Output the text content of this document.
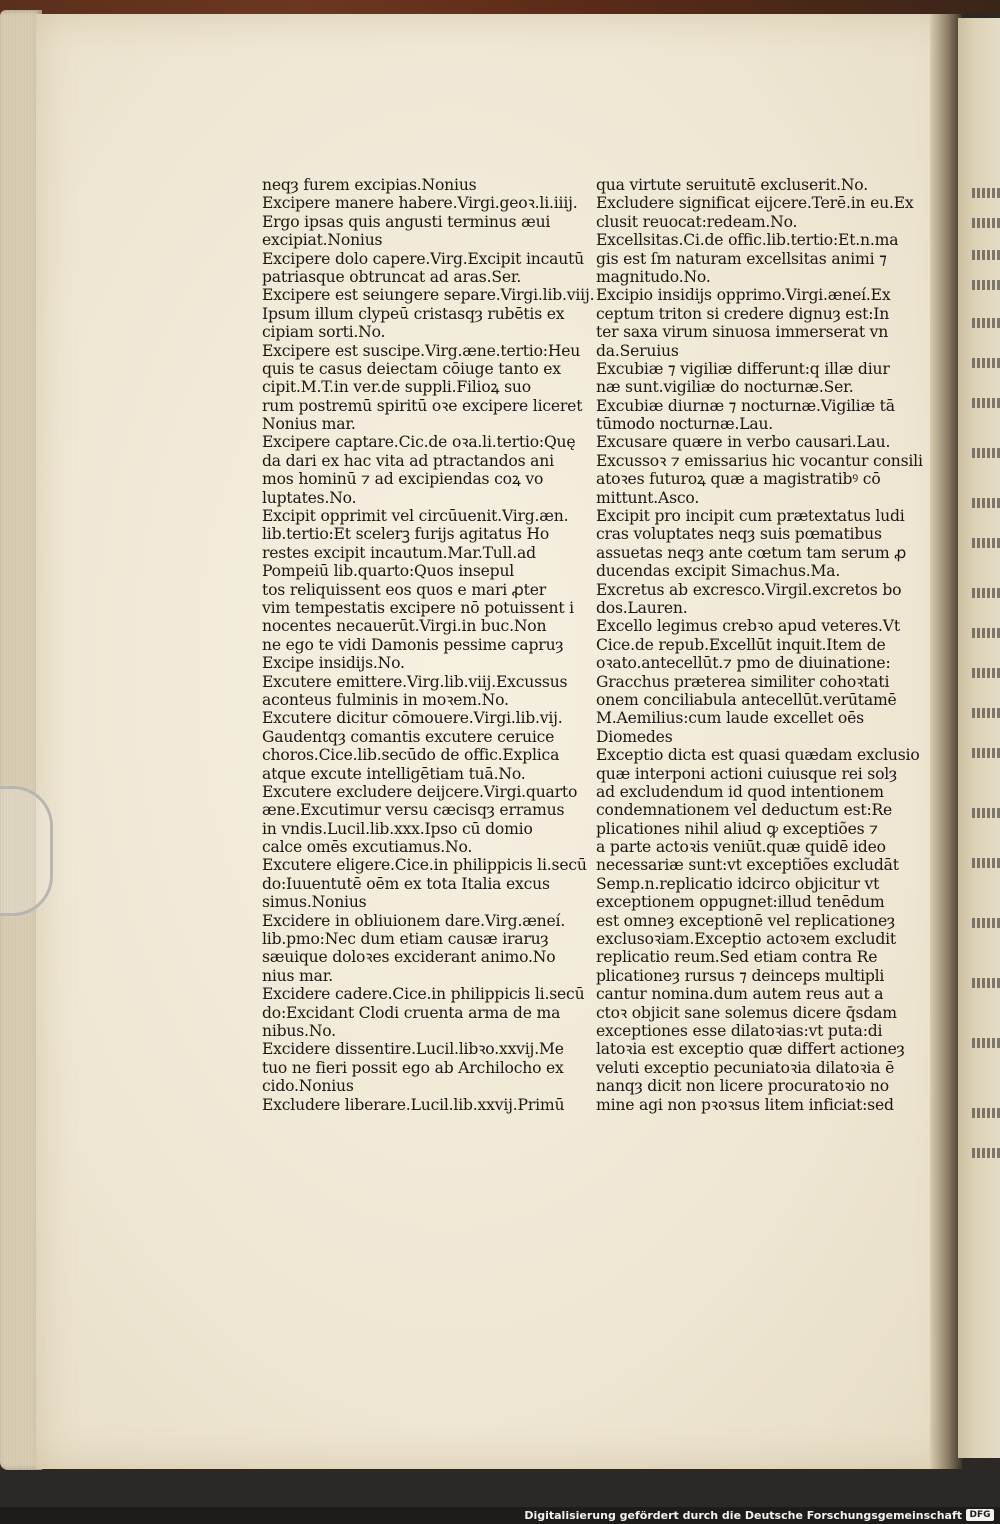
neqȝ furem excipias.Nonius
Excipere manere habere.Virgi.geoꝛ.li.iiij.
Ergo ipsas quis angusti terminus æui
excipiat.Nonius
Excipere dolo capere.Virg.Excipit incautū
patriasque obtruncat ad aras.Ser.
Excipere est seiungere separe.Virgi.lib.viij.
Ipsum illum clypeū cristasqȝ rubētis ex
cipiam sorti.No.
Excipere est suscipe.Virg.æne.tertio:Heu
quis te casus deiectam cōiuge tanto ex
cipit.M.T.in ver.de suppli.Filioꝝ suo
rum postremū spiritū oꝛe excipere liceret
Nonius mar.
Excipere captare.Cic.de oꝛa.li.tertio:Quę
da dari ex hac vita ad ptractandos ani
mos hominū ⁊ ad excipiendas coꝝ vo
luptates.No.
Excipit opprimit vel circūuenit.Virg.æn.
lib.tertio:Et scelerꝫ furijs agitatus Ho
restes excipit incautum.Mar.Tull.ad
Pompeiū lib.quarto:Quos insepul
tos reliquissent eos quos e mari ꝓter
vim tempestatis excipere nō potuissent i
nocentes necauerūt.Virgi.in buc.Non
ne ego te vidi Damonis pessime capruȝ
Excipe insidijs.No.
Excutere emittere.Virg.lib.viij.Excussus
aconteus fulminis in moꝛem.No.
Excutere dicitur cōmouere.Virgi.lib.vij.
Gaudentqȝ comantis excutere ceruice
choros.Cice.lib.secūdo de offic.Explica
atque excute intelligētiam tuā.No.
Excutere excludere deijcere.Virgi.quarto
æne.Excutimur versu cæcisqȝ erramus
in vndis.Lucil.lib.xxx.Ipso cū domio
calce omēs excutiamus.No.
Excutere eligere.Cice.in philippicis li.secū
do:Iuuentutē oēm ex tota Italia excus
simus.Nonius
Excidere in obliuionem dare.Virg.æneí.
lib.pmo:Nec dum etiam causæ iraruȝ
sæuique doloꝛes exciderant animo.No
nius mar.
Excidere cadere.Cice.in philippicis li.secū
do:Excidant Clodi cruenta arma de ma
nibus.No.
Excidere dissentire.Lucil.libꝛo.xxvij.Me
tuo ne fieri possit ego ab Archilocho ex
cido.Nonius
Excludere liberare.Lucil.lib.xxvij.Primū
qua virtute seruitutē excluserit.No.
Excludere significat eijcere.Terē.in eu.Ex
clusit reuocat:redeam.No.
Excellsitas.Ci.de offic.lib.tertio:Et.n.ma
gis est ſm naturam excellsitas animi ⁊
magnitudo.No.
Excipio insidijs opprimo.Virgi.æneí.Ex
ceptum triton si credere dignuȝ est:In
ter saxa virum sinuosa immerserat vn
da.Seruius
Excubiæ ⁊ vigiliæ differunt:q illæ diur
næ sunt.vigiliæ do nocturnæ.Ser.
Excubiæ diurnæ ⁊ nocturnæ.Vigiliæ tā
tūmodo nocturnæ.Lau.
Excusare quære in verbo causari.Lau.
Excussoꝛ ⁊ emissarius hic vocantur consili
atoꝛes futuroꝝ quæ a magistratibꝰ cō
mittunt.Asco.
Excipit pro incipit cum prætextatus ludi
cras voluptates neqȝ suis pœmatibus
assuetas neqȝ ante cœtum tam serum ꝓ
ducendas excipit Simachus.Ma.
Excretus ab excresco.Virgil.excretos bo
dos.Lauren.
Excello legimus crebꝛo apud veteres.Vt
Cice.de repub.Excellūt inquit.Item de
oꝛato.antecellūt.⁊ pmo de diuinatione:
Gracchus præterea similiter cohoꝛtati
onem conciliabula antecellūt.verūtamē
M.Aemilius:cum laude excellet oēs
Diomedes
Exceptio dicta est quasi quædam exclusio
quæ interponi actioni cuiusque rei solȝ
ad excludendum id quod intentionem
condemnationem vel deductum est:Re
plicationes nihil aliud ꝙ exceptiões ⁊
a parte actoꝛis veniūt.quæ quidē ideo
necessariæ sunt:vt exceptiões excludāt
Semp.n.replicatio idcirco objicitur vt
exceptionem oppugnet:illud tenēdum
est omneȝ exceptionē vel replicationeȝ
exclusoꝛiam.Exceptio actoꝛem excludit
replicatio reum.Sed etiam contra Re
plicationeȝ rursus ⁊ deinceps multipli
cantur nomina.dum autem reus aut a
ctoꝛ objicit sane solemus dicere q̄sdam
exceptiones esse dilatoꝛias:vt puta:di
latoꝛia est exceptio quæ differt actioneȝ
veluti exceptio pecuniatoꝛia dilatoꝛia ē
nanqȝ dicit non licere procuratoꝛio no
mine agi non pꝛoꝛsus litem inficiat:sed
Digitalisierung gefördert durch die Deutsche Forschungsgemeinschaft DFG
